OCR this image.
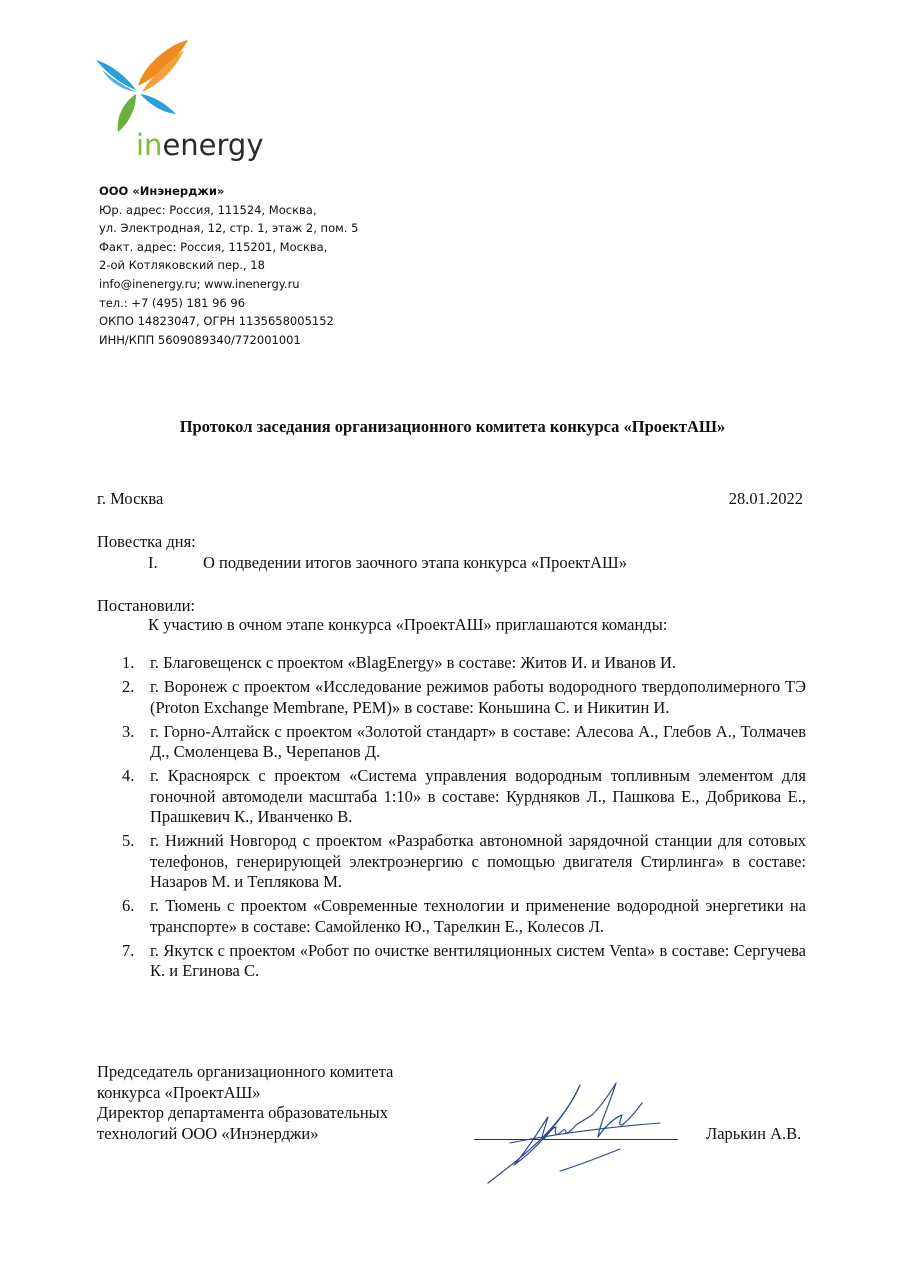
inenergy
ООО «Инэнерджи»
Юр. адрес: Россия, 111524, Москва,
ул. Электродная, 12, стр. 1, этаж 2, пом. 5
Факт. адрес: Россия, 115201, Москва,
2-ой Котляковский пер., 18
info@inenergy.ru; www.inenergy.ru
тел.: +7 (495) 181 96 96
ОКПО 14823047, ОГРН 1135658005152
ИНН/КПП 5609089340/772001001
Протокол заседания организационного комитета конкурса «ПроектАШ»
г. Москва	28.01.2022
Повестка дня:
I.	О подведении итогов заочного этапа конкурса «ПроектАШ»
Постановили:
К участию в очном этапе конкурса «ПроектАШ» приглашаются команды:
1. г. Благовещенск с проектом «BlagEnergy» в составе: Житов И. и Иванов И.
2. г. Воронеж с проектом «Исследование режимов работы водородного твердополимерного ТЭ (Proton Exchange Membrane, PEM)» в составе: Коньшина С. и Никитин И.
3. г. Горно-Алтайск с проектом «Золотой стандарт» в составе: Алесова А., Глебов А., Толмачев Д., Смоленцева В., Черепанов Д.
4. г. Красноярск с проектом «Система управления водородным топливным элементом для гоночной автомодели масштаба 1:10» в составе: Курдняков Л., Пашкова Е., Добрикова Е., Прашкевич К., Иванченко В.
5. г. Нижний Новгород с проектом «Разработка автономной зарядочной станции для сотовых телефонов, генерирующей электроэнергию с помощью двигателя Стирлинга» в составе: Назаров М. и Теплякова М.
6. г. Тюмень с проектом «Современные технологии и применение водородной энергетики на транспорте» в составе: Самойленко Ю., Тарелкин Е., Колесов Л.
7. г. Якутск с проектом «Робот по очистке вентиляционных систем Venta» в составе: Сергучева К. и Егинова С.
Председатель организационного комитета
конкурса «ПроектАШ»
Директор департамента образовательных
технологий ООО «Инэнерджи»	Ларькин А.В.
